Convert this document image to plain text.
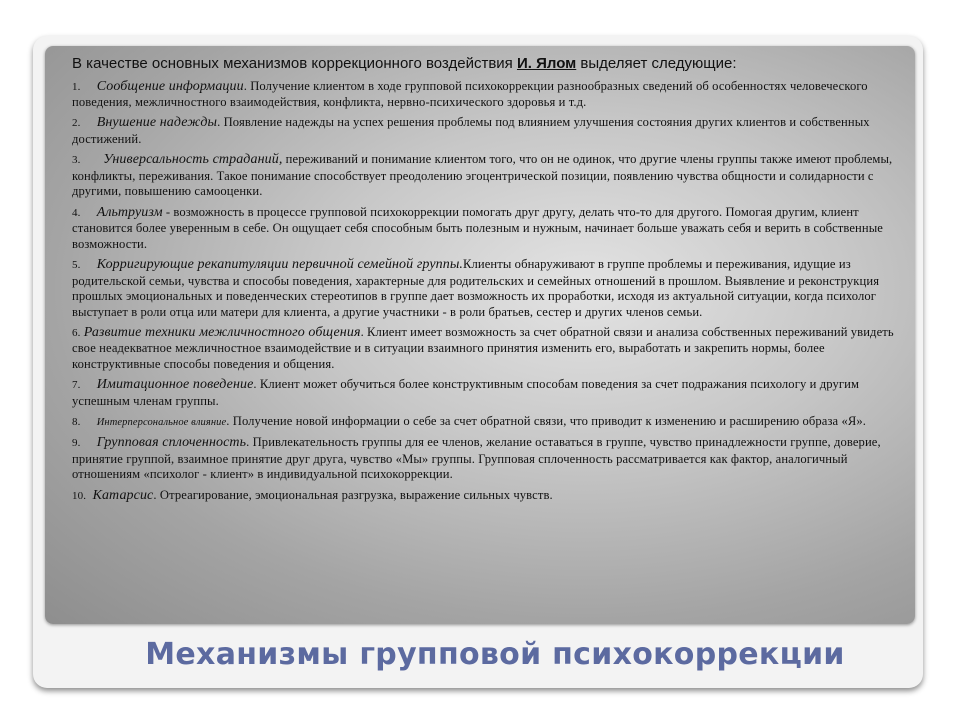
В качестве основных механизмов коррекционного воздействия И. Ялом выделяет следующие:

1. Сообщение информации. Получение клиентом в ходе групповой психокоррекции разнообразных сведений об особенностях человеческого поведения, межличностного взаимодействия, конфликта, нервно-психического здоровья и т.д.

2. Внушение надежды. Появление надежды на успех решения проблемы под влиянием улучшения состояния других клиентов и собственных достижений.

3. Универсальность страданий, переживаний и понимание клиентом того, что он не одинок, что другие члены группы также имеют проблемы, конфликты, переживания. Такое понимание способствует преодолению эгоцентрической позиции, появлению чувства общности и солидарности с другими, повышению самооценки.

4. Альтруизм - возможность в процессе групповой психокоррекции помогать друг другу, делать что-то для другого. Помогая другим, клиент становится более уверенным в себе. Он ощущает себя способным быть полезным и нужным, начинает больше уважать себя и верить в собственные возможности.

5. Корригирующие рекапитуляции первичной семейной группы.Клиенты обнаруживают в группе проблемы и переживания, идущие из родительской семьи, чувства и способы поведения, характерные для родительских и семейных отношений в прошлом. Выявление и реконструкция прошлых эмоциональных и поведенческих стереотипов в группе дает возможность их проработки, исходя из актуальной ситуации, когда психолог выступает в роли отца или матери для клиента, а другие участники - в роли братьев, сестер и других членов семьи.

6. Развитие техники межличностного общения. Клиент имеет возможность за счет обратной связи и анализа собственных переживаний увидеть свое неадекватное межличностное взаимодействие и в ситуации взаимного принятия изменить его, выработать и закрепить нормы, более конструктивные способы поведения и общения.

7. Имитационное поведение. Клиент может обучиться более конструктивным способам поведения за счет подражания психологу и другим успешным членам группы.

8. Интерперсональное влияние. Получение новой информации о себе за счет обратной связи, что приводит к изменению и расширению образа «Я».

9. Групповая сплоченность. Привлекательность группы для ее членов, желание оставаться в группе, чувство принадлежности группе, доверие, принятие группой, взаимное принятие друг друга, чувство «Мы» группы. Групповая сплоченность рассматривается как фактор, аналогичный отношениям «психолог - клиент» в индивидуальной психокоррекции.

10. Катарсис. Отреагирование, эмоциональная разгрузка, выражение сильных чувств.

Механизмы групповой психокоррекции
